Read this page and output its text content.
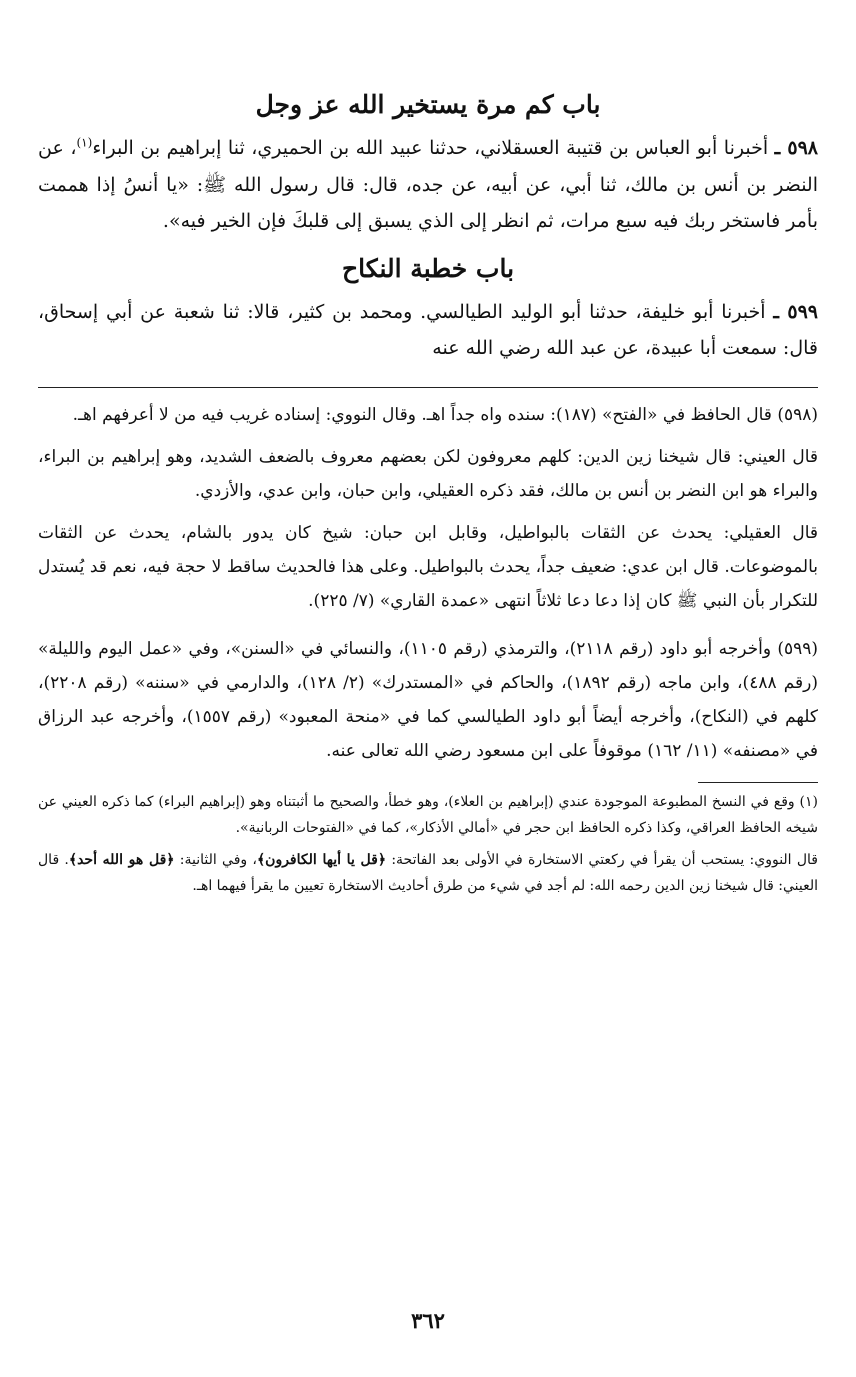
باب كم مرة يستخير الله عز وجل

٥٩٨ ـ أخبرنا أبو العباس بن قتيبة العسقلاني، حدثنا عبيد الله بن الحميري، ثنا إبراهيم بن البراء$^{(١)}$، عن النضر بن أنس بن مالك، ثنا أبي، عن أبيه، عن جده، قال: قال رسول الله ﷺ: «يا أنسُ إذا هممت بأمر فاستخر ربك فيه سبع مرات، ثم انظر إلى الذي يسبق إلى قلبكَ فإن الخير فيه».

باب خطبة النكاح

٥٩٩ ـ أخبرنا أبو خليفة، حدثنا أبو الوليد الطيالسي. ومحمد بن كثير، قالا: ثنا شعبة عن أبي إسحاق، قال: سمعت أبا عبيدة، عن عبد الله رضي الله عنه

(٥٩٨) قال الحافظ في «الفتح» (١٨٧): سنده واه جداً اهـ. وقال النووي: إسناده غريب فيه من لا أعرفهم اهـ.

قال العيني: قال شيخنا زين الدين: كلهم معروفون لكن بعضهم معروف بالضعف الشديد، وهو إبراهيم بن البراء، والبراء هو ابن النضر بن أنس بن مالك، فقد ذكره العقيلي، وابن حبان، وابن عدي، والأزدي.

قال العقيلي: يحدث عن الثقات بالبواطيل، وقابل ابن حبان: شيخ كان يدور بالشام، يحدث عن الثقات بالموضوعات. قال ابن عدي: ضعيف جداً، يحدث بالبواطيل. وعلى هذا فالحديث ساقط لا حجة فيه، نعم قد يُستدل للتكرار بأن النبي ﷺ كان إذا دعا دعا ثلاثاً انتهى «عمدة القاري» (٧/ ٢٢٥).

(٥٩٩) وأخرجه أبو داود (رقم ٢١١٨)، والترمذي (رقم ١١٠٥)، والنسائي في «السنن»، وفي «عمل اليوم والليلة» (رقم ٤٨٨)، وابن ماجه (رقم ١٨٩٢)، والحاكم في «المستدرك» (٢/ ١٢٨)، والدارمي في «سننه» (رقم ٢٢٠٨)، كلهم في (النكاح)، وأخرجه أيضاً أبو داود الطيالسي كما في «منحة المعبود» (رقم ١٥٥٧)، وأخرجه عبد الرزاق في «مصنفه» (١١/ ١٦٢) موقوفاً على ابن مسعود رضي الله تعالى عنه.

(١) وقع في النسخ المطبوعة الموجودة عندي (إبراهيم بن العلاء)، وهو خطأ، والصحيح ما أثبتناه وهو (إبراهيم البراء) كما ذكره العيني عن شيخه الحافظ العراقي، وكذا ذكره الحافظ ابن حجر في «أمالي الأذكار»، كما في «الفتوحات الربانية».

قال النووي: يستحب أن يقرأ في ركعتي الاستخارة في الأولى بعد الفاتحة: ﴿قل يا أيها الكافرون﴾، وفي الثانية: ﴿قل هو الله أحد﴾. قال العيني: قال شيخنا زين الدين رحمه الله: لم أجد في شيء من طرق أحاديث الاستخارة تعيين ما يقرأ فيهما اهـ.

٣٦٢
